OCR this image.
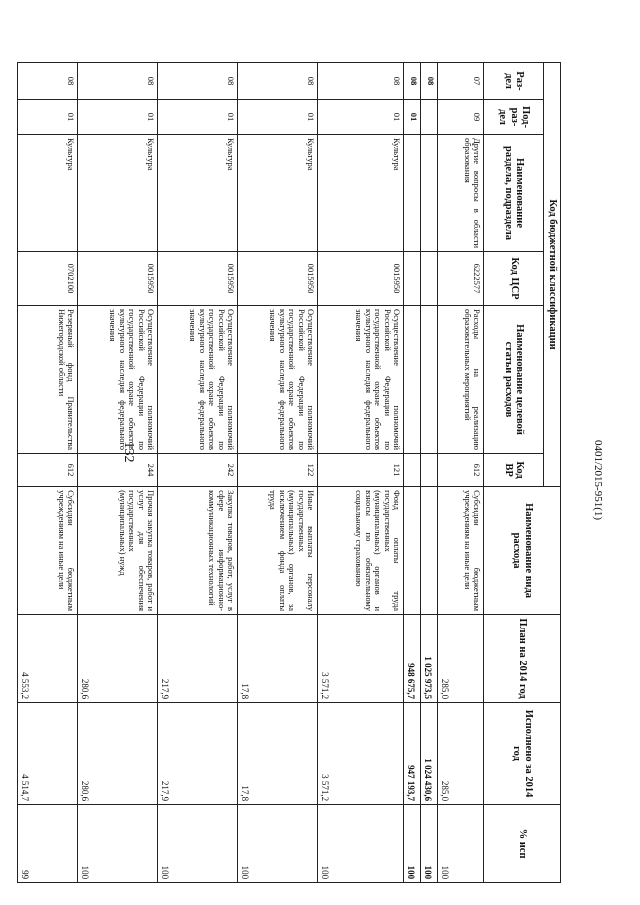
132	0401/2015-951(1)
Код бюджетной классификации						Наименование вида расхода	План на 2014 год	Исполнено за 2014 год	% исп
Раз-дел	Под-раз-дел	Наименование раздела, подраздела	Код ЦСР	Наименование целевой статьи расходов	Код ВР				
07	09	Другие вопросы в области образования	6222577	Расходы на реализацию образовательных мероприятий	612	Субсидии бюджетным учреждениям на иные цели	285,0	285,0	100
08							1 025 973,5	1 024 430,6	100
08	01						948 675,7	947 193,7	100
08	01	Культура	0015950	Осуществление полномочий Российской Федерации по государственной охране объектов культурного наследия федерального значения	121	Фонд оплаты труда государственных (муниципальных) органов и взносы по обязательному социальному страхованию	3 571,2	3 571,2	100
08	01	Культура	0015950	Осуществление полномочий Российской Федерации по государственной охране объектов культурного наследия федерального значения	122	Иные выплаты персоналу государственных (муниципальных) органов, за исключением фонда оплаты труда	17,8	17,8	100
08	01	Культура	0015950	Осуществление полномочий Российской Федерации по государственной охране объектов культурного наследия федерального значения	242	Закупка товаров, работ, услуг в сфере информационно-коммуникационных технологий	217,9	217,9	100
08	01	Культура	0015950	Осуществление полномочий Российской Федерации по государственной охране объектов культурного наследия федерального значения	244	Прочая закупка товаров, работ и услуг для обеспечения государственных (муниципальных) нужд	280,6	280,6	100
08	01	Культура	0702100	Резервный фонд Правительства Нижегородской области	612	Субсидии бюджетным учреждениям на иные цели	4 553,2	4 514,7	99
